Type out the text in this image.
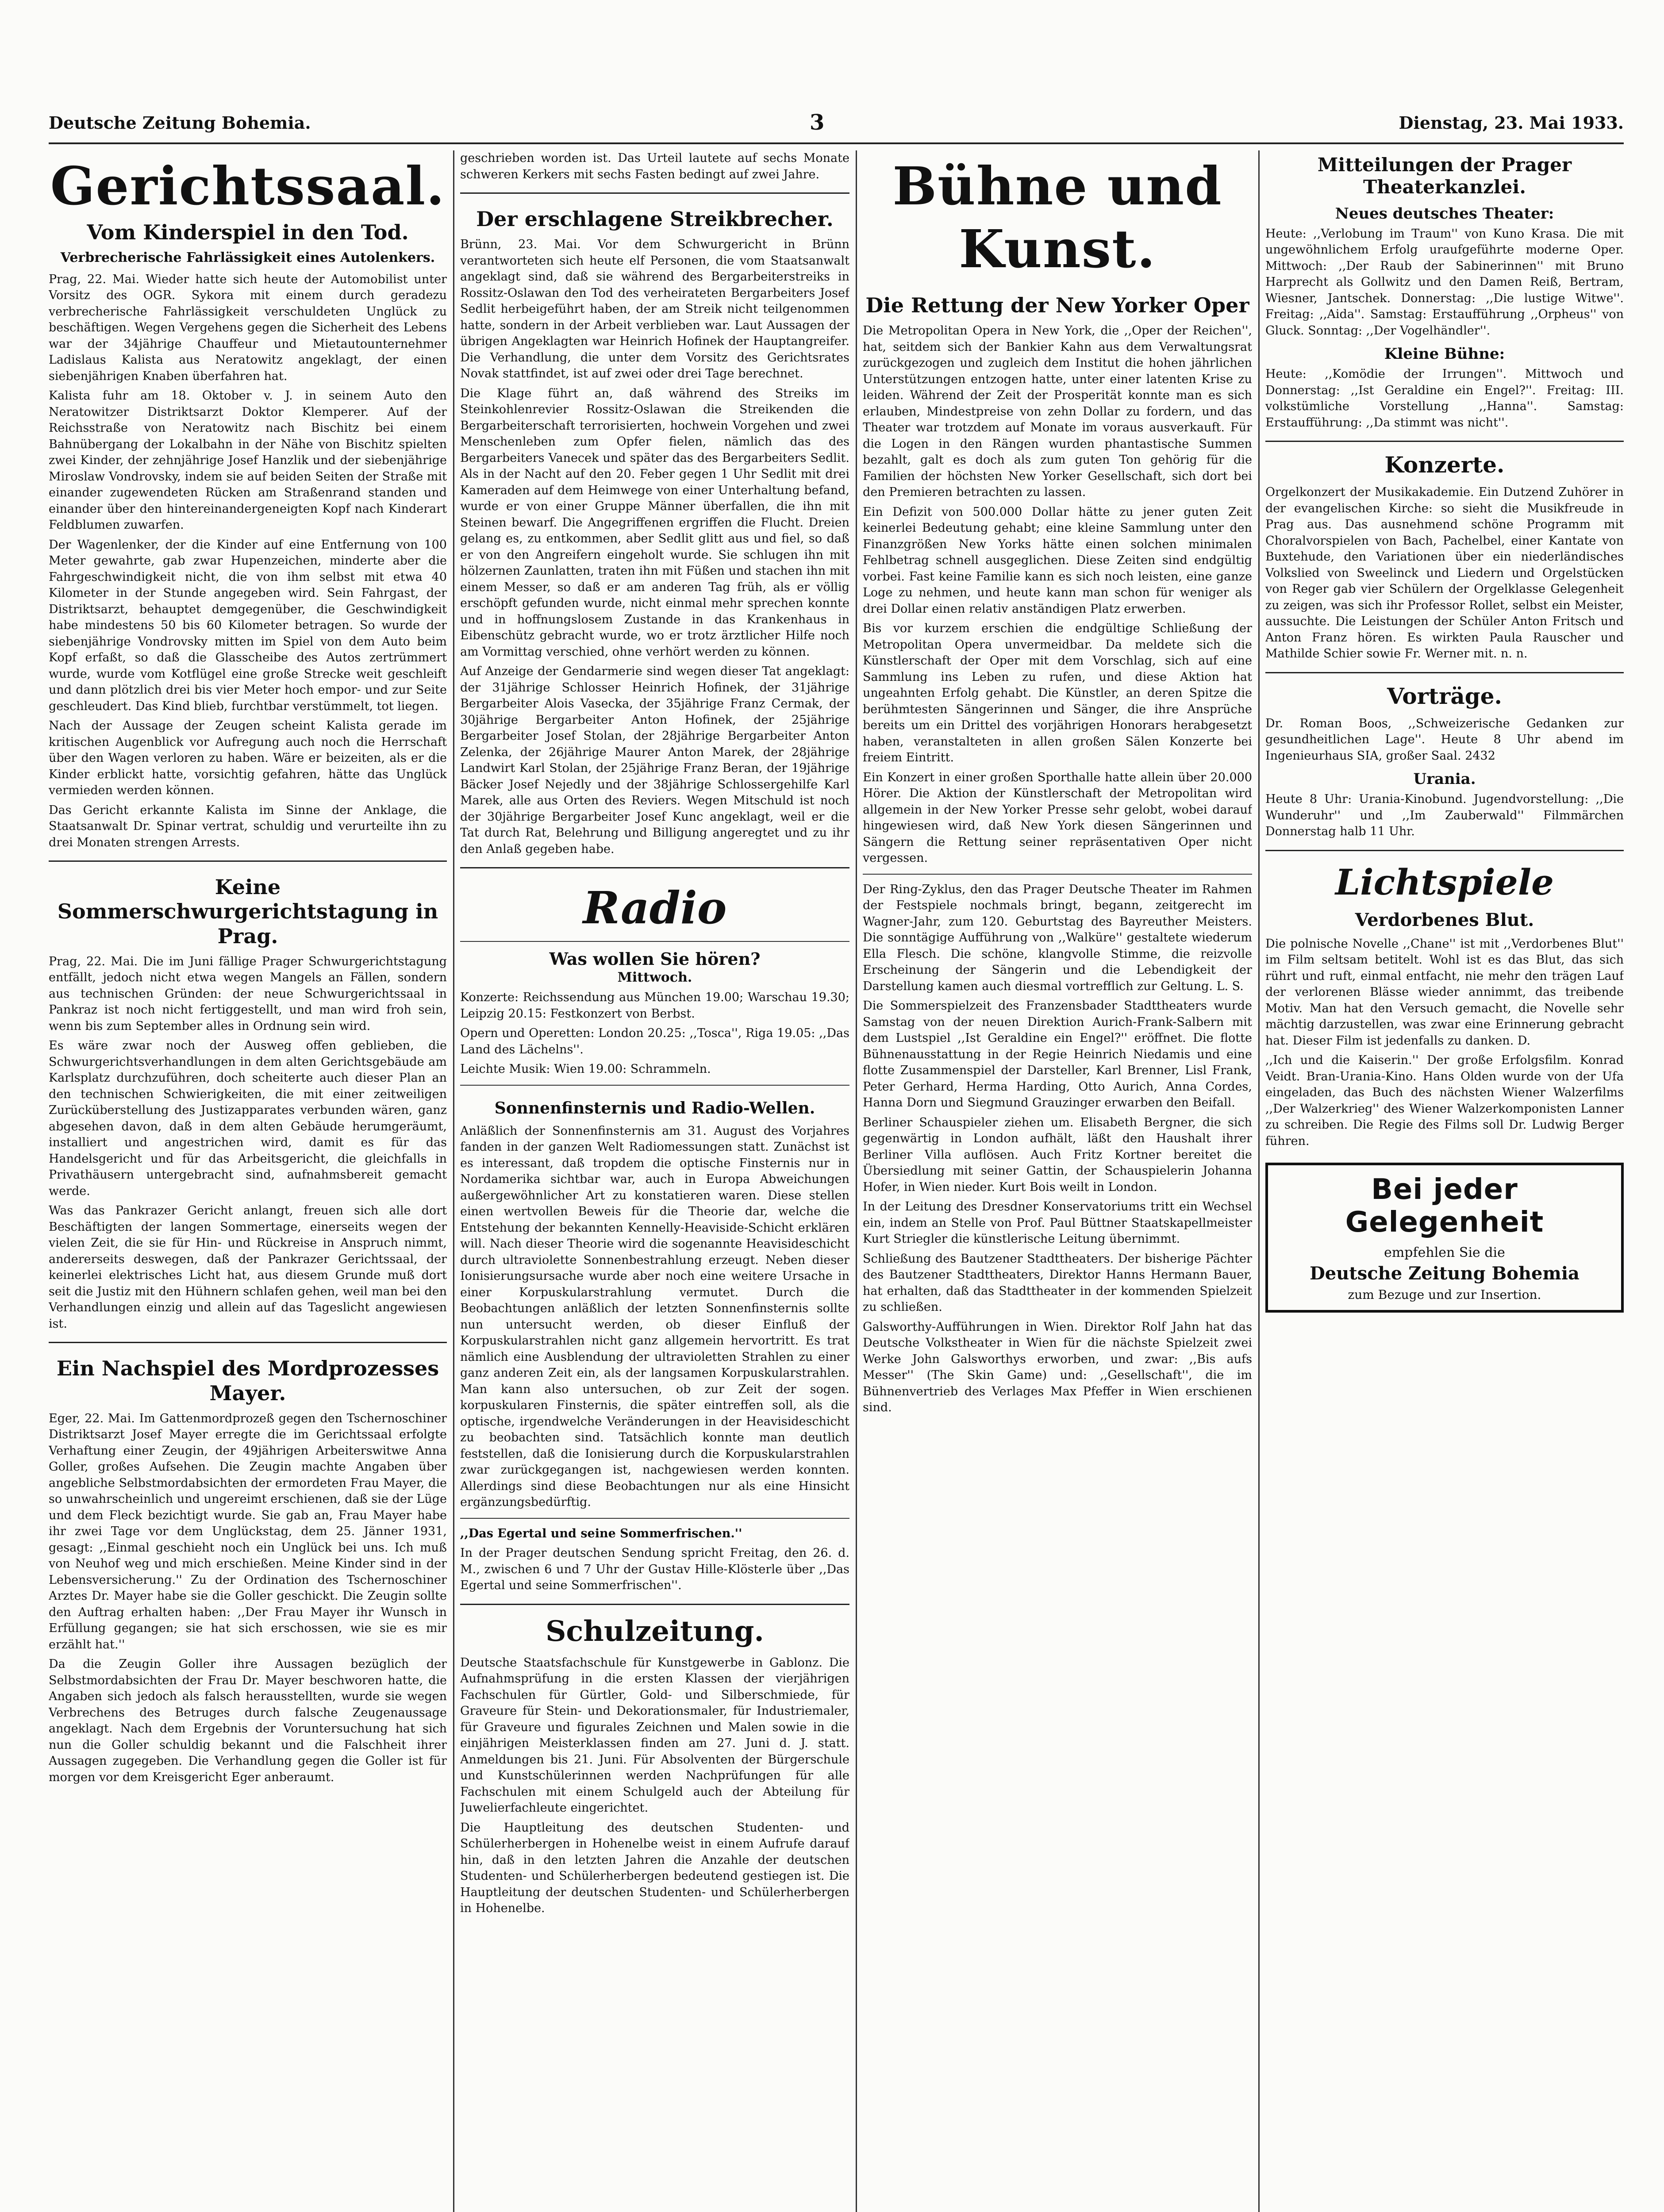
Deutsche Zeitung Bohemia.	3	Dienstag, 23. Mai 1933.
Gerichtssaal.
Vom Kinderspiel in den Tod.
Verbrecherische Fahrlässigkeit eines Autolenkers.

Prag, 22. Mai. Wieder hatte sich heute der Automobilist unter Vorsitz des OGR. Sykora mit einem durch geradezu verbrecherische Fahrlässigkeit verschuldeten Unglück zu beschäftigen. Wegen Vergehens gegen die Sicherheit des Lebens war der 34jährige Chauffeur und Mietautounternehmer Ladislaus Kalista aus Neratowitz angeklagt, der einen siebenjährigen Knaben überfahren hat.

Kalista fuhr am 18. Oktober v. J. in seinem Auto den Neratowitzer Distriktsarzt Doktor Klemperer. Auf der Reichsstraße von Neratowitz nach Bischitz bei einem Bahnübergang der Lokalbahn in der Nähe von Bischitz spielten zwei Kinder, der zehnjährige Josef Hanzlik und der siebenjährige Miroslaw Vondrovsky, indem sie auf beiden Seiten der Straße mit einander zugewendeten Rücken am Straßenrand standen und einander über den hintereinandergeneigten Kopf nach Kinderart Feldblumen zuwarfen.

Der Wagenlenker, der die Kinder auf eine Entfernung von 100 Meter gewahrte, gab zwar Hupenzeichen, minderte aber die Fahrgeschwindigkeit nicht, die von ihm selbst mit etwa 40 Kilometer in der Stunde angegeben wird. Sein Fahrgast, der Distriktsarzt, behauptet demgegenüber, die Geschwindigkeit habe mindestens 50 bis 60 Kilometer betragen. So wurde der siebenjährige Vondrovsky mitten im Spiel von dem Auto beim Kopf erfaßt, so daß die Glasscheibe des Autos zertrümmert wurde, wurde vom Kotflügel eine große Strecke weit geschleift und dann plötzlich drei bis vier Meter hoch empor- und zur Seite geschleudert. Das Kind blieb, furchtbar verstümmelt, tot liegen.

Nach der Aussage der Zeugen scheint Kalista gerade im kritischen Augenblick vor Aufregung auch noch die Herrschaft über den Wagen verloren zu haben. Wäre er beizeiten, als er die Kinder erblickt hatte, vorsichtig gefahren, hätte das Unglück vermieden werden können.

Das Gericht erkannte Kalista im Sinne der Anklage, die Staatsanwalt Dr. Spinar vertrat, schuldig und verurteilte ihn zu drei Monaten strengen Arrests.

Keine Sommerschwurgerichtstagung in Prag.

Prag, 22. Mai. Die im Juni fällige Prager Schwurgerichtstagung entfällt, jedoch nicht etwa wegen Mangels an Fällen, sondern aus technischen Gründen: der neue Schwurgerichtssaal in Pankraz ist noch nicht fertiggestellt, und man wird froh sein, wenn bis zum September alles in Ordnung sein wird.

Es wäre zwar noch der Ausweg offen geblieben, die Schwurgerichtsverhandlungen in dem alten Gerichtsgebäude am Karlsplatz durchzuführen, doch scheiterte auch dieser Plan an den technischen Schwierigkeiten, die mit einer zeitweiligen Zurücküberstellung des Justizapparates verbunden wären, ganz abgesehen davon, daß in dem alten Gebäude herumgeräumt, installiert und angestrichen wird, damit es für das Handelsgericht und für das Arbeitsgericht, die gleichfalls in Privathäusern untergebracht sind, aufnahmsbereit gemacht werde.

Was das Pankrazer Gericht anlangt, freuen sich alle dort Beschäftigten der langen Sommertage, einerseits wegen der vielen Zeit, die sie für Hin- und Rückreise in Anspruch nimmt, andererseits deswegen, daß der Pankrazer Gerichtssaal, der keinerlei elektrisches Licht hat, aus diesem Grunde muß dort seit die Justiz mit den Hühnern schlafen gehen, weil man bei den Verhandlungen einzig und allein auf das Tageslicht angewiesen ist.

Ein Nachspiel des Mordprozesses Mayer.

Eger, 22. Mai. Im Gattenmordprozeß gegen den Tschernoschiner Distriktsarzt Josef Mayer erregte die im Gerichtssaal erfolgte Verhaftung einer Zeugin, der 49jährigen Arbeiterswitwe Anna Goller, großes Aufsehen. Die Zeugin machte Angaben über angebliche Selbstmordabsichten der ermordeten Frau Mayer, die so unwahrscheinlich und ungereimt erschienen, daß sie der Lüge und dem Fleck bezichtigt wurde. Sie gab an, Frau Mayer habe ihr zwei Tage vor dem Unglückstag, dem 25. Jänner 1931, gesagt: ,,Einmal geschieht noch ein Unglück bei uns. Ich muß von Neuhof weg und mich erschießen. Meine Kinder sind in der Lebensversicherung.'' Zu der Ordination des Tschernoschiner Arztes Dr. Mayer habe sie die Goller geschickt. Die Zeugin sollte den Auftrag erhalten haben: ,,Der Frau Mayer ihr Wunsch in Erfüllung gegangen; sie hat sich erschossen, wie sie es mir erzählt hat.''

Da die Zeugin Goller ihre Aussagen bezüglich der Selbstmordabsichten der Frau Dr. Mayer beschworen hatte, die Angaben sich jedoch als falsch herausstellten, wurde sie wegen Verbrechens des Betruges durch falsche Zeugenaussage angeklagt. Nach dem Ergebnis der Voruntersuchung hat sich nun die Goller schuldig bekannt und die Falschheit ihrer Aussagen zugegeben. Die Verhandlung gegen die Goller ist für morgen vor dem Kreisgericht Eger anberaumt.

geschrieben worden ist. Das Urteil lautete auf sechs Monate schweren Kerkers mit sechs Fasten bedingt auf zwei Jahre.

Der erschlagene Streikbrecher.

Brünn, 23. Mai. Vor dem Schwurgericht in Brünn verantworteten sich heute elf Personen, die vom Staatsanwalt angeklagt sind, daß sie während des Bergarbeiterstreiks in Rossitz-Oslawan den Tod des verheirateten Bergarbeiters Josef Sedlit herbeigeführt haben, der am Streik nicht teilgenommen hatte, sondern in der Arbeit verblieben war. Laut Aussagen der übrigen Angeklagten war Heinrich Hofinek der Hauptangreifer. Die Verhandlung, die unter dem Vorsitz des Gerichtsrates Novak stattfindet, ist auf zwei oder drei Tage berechnet.

Die Klage führt an, daß während des Streiks im Steinkohlenrevier Rossitz-Oslawan die Streikenden die Bergarbeiterschaft terrorisierten, hochwein Vorgehen und zwei Menschenleben zum Opfer fielen, nämlich das des Bergarbeiters Vanecek und später das des Bergarbeiters Sedlit. Als in der Nacht auf den 20. Feber gegen 1 Uhr Sedlit mit drei Kameraden auf dem Heimwege von einer Unterhaltung befand, wurde er von einer Gruppe Männer überfallen, die ihn mit Steinen bewarf. Die Angegriffenen ergriffen die Flucht. Dreien gelang es, zu entkommen, aber Sedlit glitt aus und fiel, so daß er von den Angreifern eingeholt wurde. Sie schlugen ihn mit hölzernen Zaunlatten, traten ihn mit Füßen und stachen ihn mit einem Messer, so daß er am anderen Tag früh, als er völlig erschöpft gefunden wurde, nicht einmal mehr sprechen konnte und in hoffnungslosem Zustande in das Krankenhaus in Eibenschütz gebracht wurde, wo er trotz ärztlicher Hilfe noch am Vormittag verschied, ohne verhört werden zu können.

Auf Anzeige der Gendarmerie sind wegen dieser Tat angeklagt: der 31jährige Schlosser Heinrich Hofinek, der 31jährige Bergarbeiter Alois Vasecka, der 35jährige Franz Cermak, der 30jährige Bergarbeiter Anton Hofinek, der 25jährige Bergarbeiter Josef Stolan, der 28jährige Bergarbeiter Anton Zelenka, der 26jährige Maurer Anton Marek, der 28jährige Landwirt Karl Stolan, der 25jährige Franz Beran, der 19jährige Bäcker Josef Nejedly und der 38jährige Schlossergehilfe Karl Marek, alle aus Orten des Reviers. Wegen Mitschuld ist noch der 30jährige Bergarbeiter Josef Kunc angeklagt, weil er die Tat durch Rat, Belehrung und Billigung angeregtet und zu ihr den Anlaß gegeben habe.

Radio
Was wollen Sie hören?
Mittwoch.

Konzerte: Reichssendung aus München 19.00; Warschau 19.30; Leipzig 20.15: Festkonzert von Berbst.

Opern und Operetten: London 20.25: ,,Tosca'', Riga 19.05: ,,Das Land des Lächelns''.

Leichte Musik: Wien 19.00: Schrammeln.

Sonnenfinsternis und Radio-Wellen.

Anläßlich der Sonnenfinsternis am 31. August des Vorjahres fanden in der ganzen Welt Radiomessungen statt. Zunächst ist es interessant, daß tropdem die optische Finsternis nur in Nordamerika sichtbar war, auch in Europa Abweichungen außergewöhnlicher Art zu konstatieren waren. Diese stellen einen wertvollen Beweis für die Theorie dar, welche die Entstehung der bekannten Kennelly-Heaviside-Schicht erklären will. Nach dieser Theorie wird die sogenannte Heavisideschicht durch ultraviolette Sonnenbestrahlung erzeugt. Neben dieser Ionisierungsursache wurde aber noch eine weitere Ursache in einer Korpuskularstrahlung vermutet. Durch die Beobachtungen anläßlich der letzten Sonnenfinsternis sollte nun untersucht werden, ob dieser Einfluß der Korpuskularstrahlen nicht ganz allgemein hervortritt. Es trat nämlich eine Ausblendung der ultravioletten Strahlen zu einer ganz anderen Zeit ein, als der langsamen Korpuskularstrahlen. Man kann also untersuchen, ob zur Zeit der sogen. korpuskularen Finsternis, die später eintreffen soll, als die optische, irgendwelche Veränderungen in der Heavisideschicht zu beobachten sind. Tatsächlich konnte man deutlich feststellen, daß die Ionisierung durch die Korpuskularstrahlen zwar zurückgegangen ist, nachgewiesen werden konnten. Allerdings sind diese Beobachtungen nur als eine Hinsicht ergänzungsbedürftig.

,,Das Egertal und seine Sommerfrischen.''

In der Prager deutschen Sendung spricht Freitag, den 26. d. M., zwischen 6 und 7 Uhr der Gustav Hille-Klösterle über ,,Das Egertal und seine Sommerfrischen''.

Schulzeitung.

Deutsche Staatsfachschule für Kunstgewerbe in Gablonz. Die Aufnahmsprüfung in die ersten Klassen der vierjährigen Fachschulen für Gürtler, Gold- und Silberschmiede, für Graveure für Stein- und Dekorationsmaler, für Industriemaler, für Graveure und figurales Zeichnen und Malen sowie in die einjährigen Meisterklassen finden am 27. Juni d. J. statt. Anmeldungen bis 21. Juni. Für Absolventen der Bürgerschule und Kunstschülerinnen werden Nachprüfungen für alle Fachschulen mit einem Schulgeld auch der Abteilung für Juwelierfachleute eingerichtet.

Die Hauptleitung des deutschen Studenten- und Schülerherbergen in Hohenelbe weist in einem Aufrufe darauf hin, daß in den letzten Jahren die Anzahle der deutschen Studenten- und Schülerherbergen bedeutend gestiegen ist. Die Hauptleitung der deutschen Studenten- und Schülerherbergen in Hohenelbe.

Bühne und Kunst.
Die Rettung der New Yorker Oper

Die Metropolitan Opera in New York, die ,,Oper der Reichen'', hat, seitdem sich der Bankier Kahn aus dem Verwaltungsrat zurückgezogen und zugleich dem Institut die hohen jährlichen Unterstützungen entzogen hatte, unter einer latenten Krise zu leiden. Während der Zeit der Prosperität konnte man es sich erlauben, Mindestpreise von zehn Dollar zu fordern, und das Theater war trotzdem auf Monate im voraus ausverkauft. Für die Logen in den Rängen wurden phantastische Summen bezahlt, galt es doch als zum guten Ton gehörig für die Familien der höchsten New Yorker Gesellschaft, sich dort bei den Premieren betrachten zu lassen.

Ein Defizit von 500.000 Dollar hätte zu jener guten Zeit keinerlei Bedeutung gehabt; eine kleine Sammlung unter den Finanzgrößen New Yorks hätte einen solchen minimalen Fehlbetrag schnell ausgeglichen. Diese Zeiten sind endgültig vorbei. Fast keine Familie kann es sich noch leisten, eine ganze Loge zu nehmen, und heute kann man schon für weniger als drei Dollar einen relativ anständigen Platz erwerben.

Bis vor kurzem erschien die endgültige Schließung der Metropolitan Opera unvermeidbar. Da meldete sich die Künstlerschaft der Oper mit dem Vorschlag, sich auf eine Sammlung ins Leben zu rufen, und diese Aktion hat ungeahnten Erfolg gehabt. Die Künstler, an deren Spitze die berühmtesten Sängerinnen und Sänger, die ihre Ansprüche bereits um ein Drittel des vorjährigen Honorars herabgesetzt haben, veranstalteten in allen großen Sälen Konzerte bei freiem Eintritt.

Ein Konzert in einer großen Sporthalle hatte allein über 20.000 Hörer. Die Aktion der Künstlerschaft der Metropolitan wird allgemein in der New Yorker Presse sehr gelobt, wobei darauf hingewiesen wird, daß New York diesen Sängerinnen und Sängern die Rettung seiner repräsentativen Oper nicht vergessen.

Der Ring-Zyklus, den das Prager Deutsche Theater im Rahmen der Festspiele nochmals bringt, begann, zeitgerecht im Wagner-Jahr, zum 120. Geburtstag des Bayreuther Meisters. Die sonntägige Aufführung von ,,Walküre'' gestaltete wiederum Ella Flesch. Die schöne, klangvolle Stimme, die reizvolle Erscheinung der Sängerin und die Lebendigkeit der Darstellung kamen auch diesmal vortrefflich zur Geltung. L. S.

Die Sommerspielzeit des Franzensbader Stadttheaters wurde Samstag von der neuen Direktion Aurich-Frank-Salbern mit dem Lustspiel ,,Ist Geraldine ein Engel?'' eröffnet. Die flotte Bühnenausstattung in der Regie Heinrich Niedamis und eine flotte Zusammenspiel der Darsteller, Karl Brenner, Lisl Frank, Peter Gerhard, Herma Harding, Otto Aurich, Anna Cordes, Hanna Dorn und Siegmund Grauzinger erwarben den Beifall.

Berliner Schauspieler ziehen um. Elisabeth Bergner, die sich gegenwärtig in London aufhält, läßt den Haushalt ihrer Berliner Villa auflösen. Auch Fritz Kortner bereitet die Übersiedlung mit seiner Gattin, der Schauspielerin Johanna Hofer, in Wien nieder. Kurt Bois weilt in London.

In der Leitung des Dresdner Konservatoriums tritt ein Wechsel ein, indem an Stelle von Prof. Paul Büttner Staatskapellmeister Kurt Striegler die künstlerische Leitung übernimmt.

Schließung des Bautzener Stadttheaters. Der bisherige Pächter des Bautzener Stadttheaters, Direktor Hanns Hermann Bauer, hat erhalten, daß das Stadttheater in der kommenden Spielzeit zu schließen.

Galsworthy-Aufführungen in Wien. Direktor Rolf Jahn hat das Deutsche Volkstheater in Wien für die nächste Spielzeit zwei Werke John Galsworthys erworben, und zwar: ,,Bis aufs Messer'' (The Skin Game) und: ,,Gesellschaft'', die im Bühnenvertrieb des Verlages Max Pfeffer in Wien erschienen sind.

Mitteilungen der Prager Theaterkanzlei.
Neues deutsches Theater:

Heute: ,,Verlobung im Traum'' von Kuno Krasa. Die mit ungewöhnlichem Erfolg uraufgeführte moderne Oper. Mittwoch: ,,Der Raub der Sabinerinnen'' mit Bruno Harprecht als Gollwitz und den Damen Reiß, Bertram, Wiesner, Jantschek. Donnerstag: ,,Die lustige Witwe''. Freitag: ,,Aida''. Samstag: Erstaufführung ,,Orpheus'' von Gluck. Sonntag: ,,Der Vogelhändler''.

Kleine Bühne:

Heute: ,,Komödie der Irrungen''. Mittwoch und Donnerstag: ,,Ist Geraldine ein Engel?''. Freitag: III. volkstümliche Vorstellung ,,Hanna''. Samstag: Erstaufführung: ,,Da stimmt was nicht''.

Konzerte.

Orgelkonzert der Musikakademie. Ein Dutzend Zuhörer in der evangelischen Kirche: so sieht die Musikfreude in Prag aus. Das ausnehmend schöne Programm mit Choralvorspielen von Bach, Pachelbel, einer Kantate von Buxtehude, den Variationen über ein niederländisches Volkslied von Sweelinck und Liedern und Orgelstücken von Reger gab vier Schülern der Orgelklasse Gelegenheit zu zeigen, was sich ihr Professor Rollet, selbst ein Meister, aussuchte. Die Leistungen der Schüler Anton Fritsch und Anton Franz hören. Es wirkten Paula Rauscher und Mathilde Schier sowie Fr. Werner mit. n. n.

Vorträge.

Dr. Roman Boos, ,,Schweizerische Gedanken zur gesundheitlichen Lage''. Heute 8 Uhr abend im Ingenieurhaus SIA, großer Saal. 2432

Urania.

Heute 8 Uhr: Urania-Kinobund. Jugendvorstellung: ,,Die Wunderuhr'' und ,,Im Zauberwald'' Filmmärchen Donnerstag halb 11 Uhr.

Lichtspiele
Verdorbenes Blut.

Die polnische Novelle ,,Chane'' ist mit ,,Verdorbenes Blut'' im Film seltsam betitelt. Wohl ist es das Blut, das sich rührt und ruft, einmal entfacht, nie mehr den trägen Lauf der verlorenen Blässe wieder annimmt, das treibende Motiv. Man hat den Versuch gemacht, die Novelle sehr mächtig darzustellen, was zwar eine Erinnerung gebracht hat. Dieser Film ist jedenfalls zu danken. D.

,,Ich und die Kaiserin.'' Der große Erfolgsfilm. Konrad Veidt. Bran-Urania-Kino. Hans Olden wurde von der Ufa eingeladen, das Buch des nächsten Wiener Walzerfilms ,,Der Walzerkrieg'' des Wiener Walzerkomponisten Lanner zu schreiben. Die Regie des Films soll Dr. Ludwig Berger führen.

Bei jeder Gelegenheit
empfehlen Sie die
Deutsche Zeitung Bohemia
zum Bezuge und zur Insertion.
